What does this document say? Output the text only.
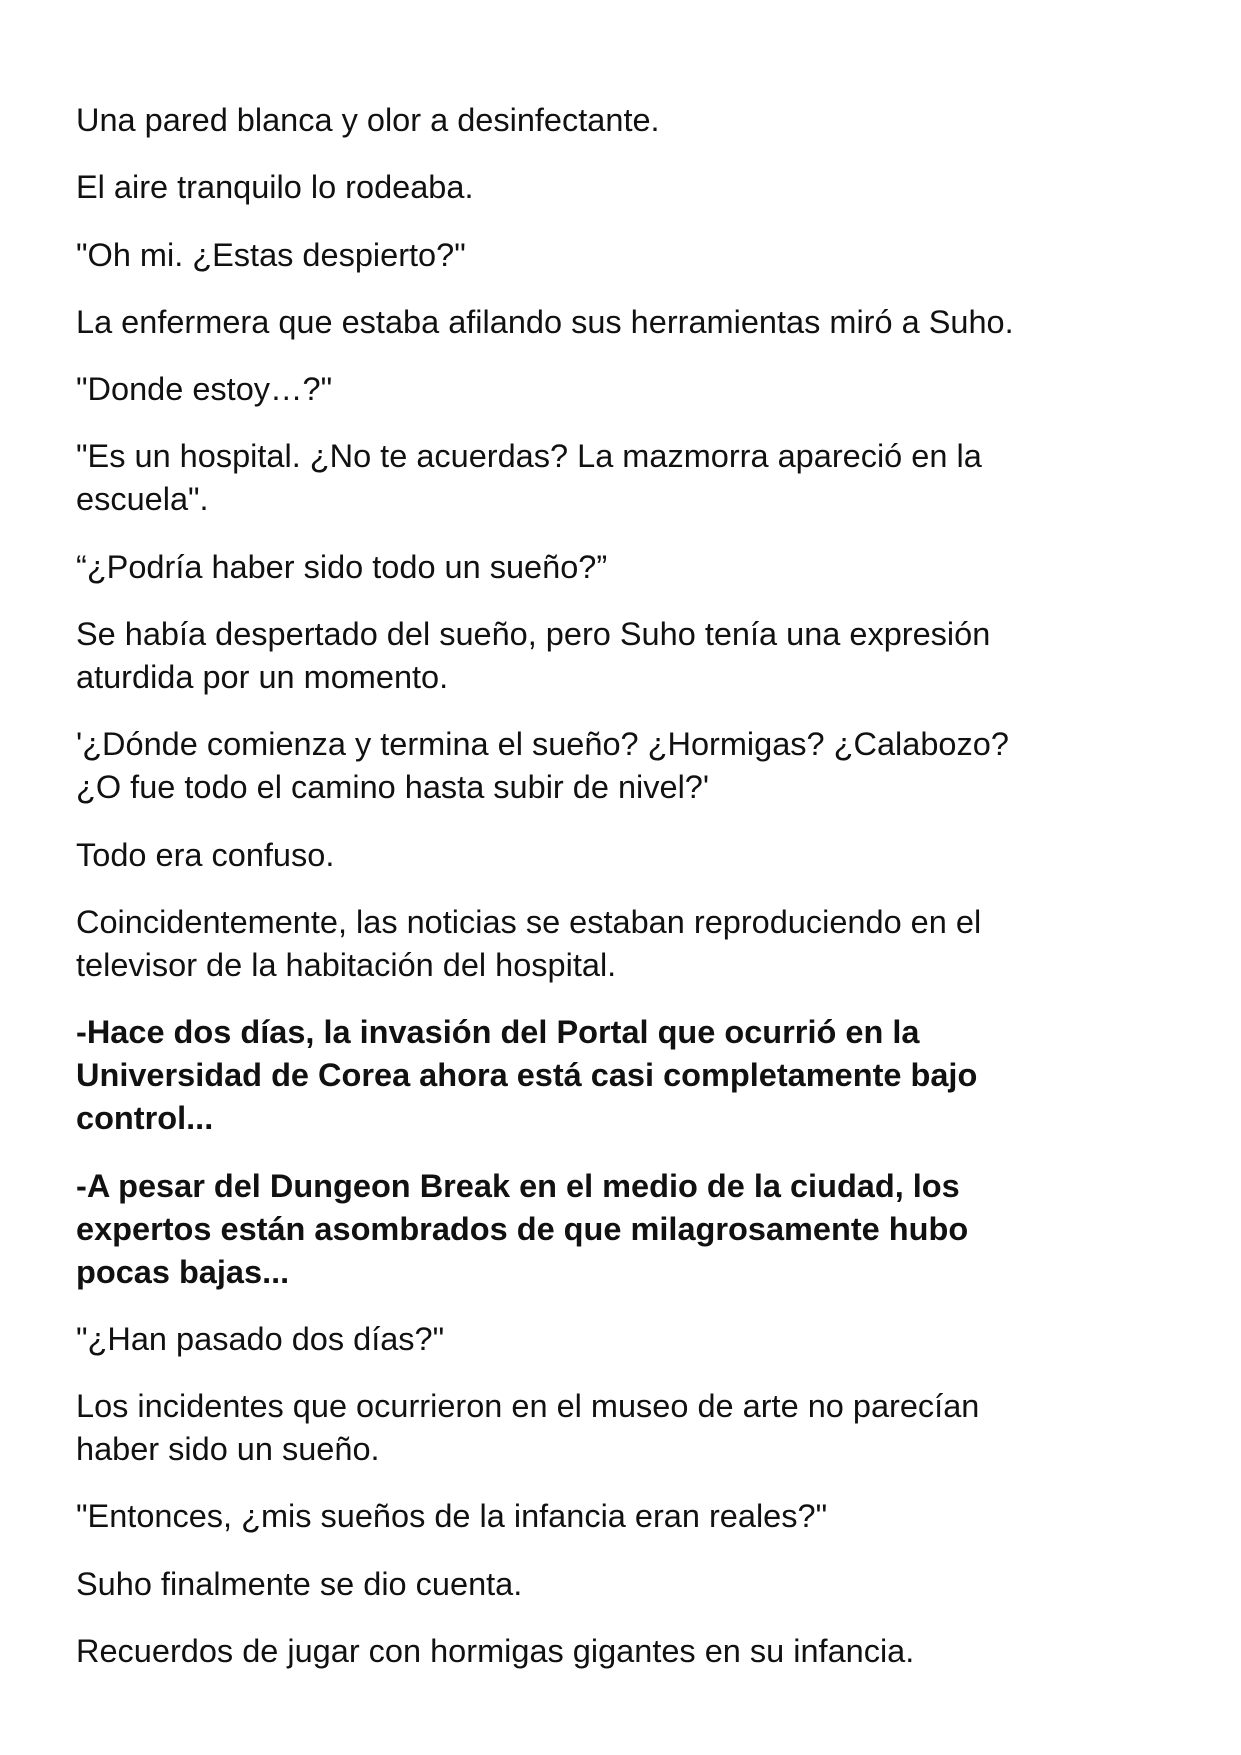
Una pared blanca y olor a desinfectante.

El aire tranquilo lo rodeaba.

"Oh mi. ¿Estas despierto?"

La enfermera que estaba afilando sus herramientas miró a Suho.

"Donde estoy…?"

"Es un hospital. ¿No te acuerdas? La mazmorra apareció en la
escuela".

“¿Podría haber sido todo un sueño?”

Se había despertado del sueño, pero Suho tenía una expresión
aturdida por un momento.

'¿Dónde comienza y termina el sueño? ¿Hormigas? ¿Calabozo?
¿O fue todo el camino hasta subir de nivel?'

Todo era confuso.

Coincidentemente, las noticias se estaban reproduciendo en el
televisor de la habitación del hospital.

-Hace dos días, la invasión del Portal que ocurrió en la
Universidad de Corea ahora está casi completamente bajo
control...

-A pesar del Dungeon Break en el medio de la ciudad, los
expertos están asombrados de que milagrosamente hubo
pocas bajas...

"¿Han pasado dos días?"

Los incidentes que ocurrieron en el museo de arte no parecían
haber sido un sueño.

"Entonces, ¿mis sueños de la infancia eran reales?"

Suho finalmente se dio cuenta.

Recuerdos de jugar con hormigas gigantes en su infancia.
